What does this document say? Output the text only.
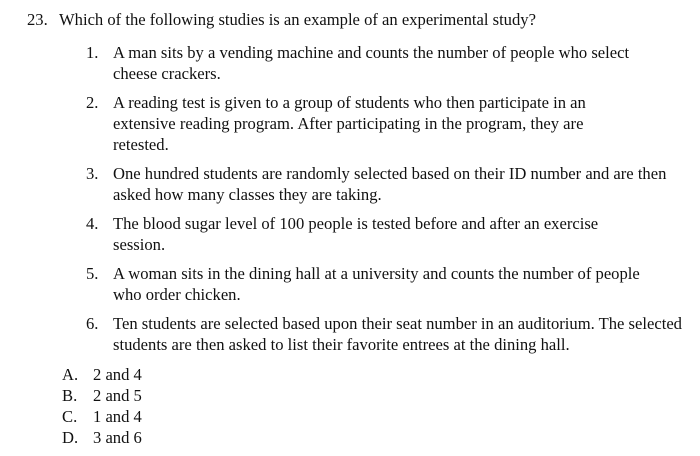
23. Which of the following studies is an example of an experimental study?
1. A man sits by a vending machine and counts the number of people who select cheese crackers.
2. A reading test is given to a group of students who then participate in an extensive reading program. After participating in the program, they are retested.
3. One hundred students are randomly selected based on their ID number and are then asked how many classes they are taking.
4. The blood sugar level of 100 people is tested before and after an exercise session.
5. A woman sits in the dining hall at a university and counts the number of people who order chicken.
6. Ten students are selected based upon their seat number in an auditorium. The selected students are then asked to list their favorite entrees at the dining hall.
A. 2 and 4
B. 2 and 5
C. 1 and 4
D. 3 and 6
